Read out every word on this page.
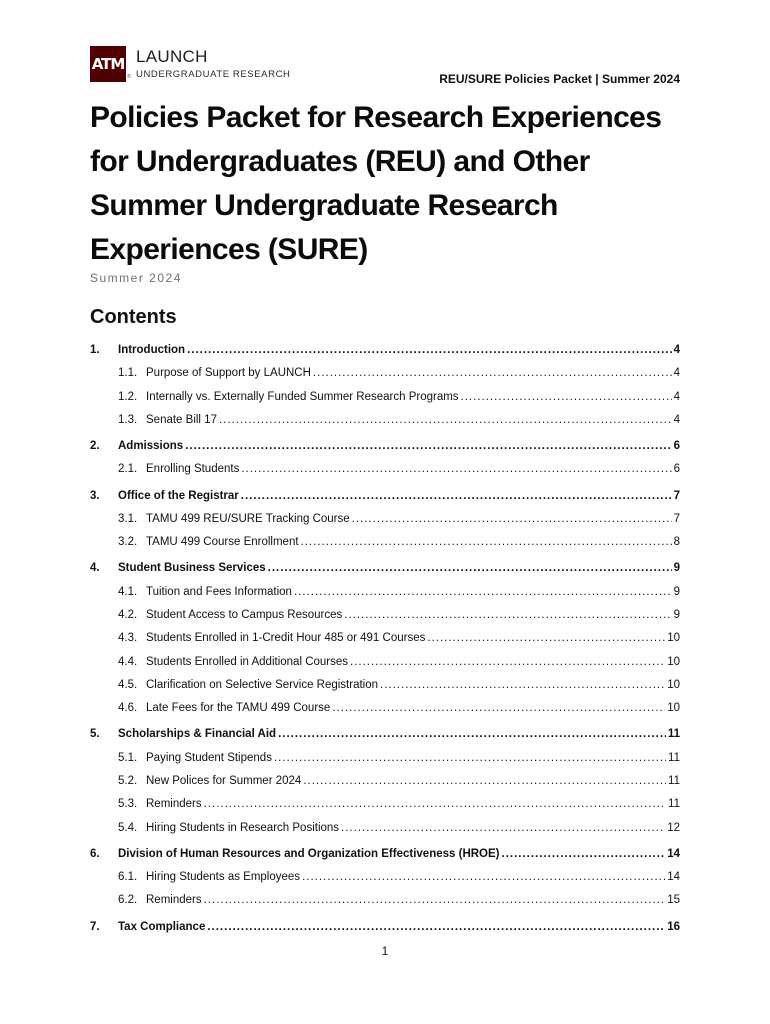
ATM
®
LAUNCH
UNDERGRADUATE RESEARCH	REU/SURE Policies Packet | Summer 2024
Policies Packet for Research Experiences for Undergraduates (REU) and Other Summer Undergraduate Research Experiences (SURE)
Summer 2024
Contents
1. Introduction .....	4
1.1. Purpose of Support by LAUNCH .....	4
1.2. Internally vs. Externally Funded Summer Research Programs .....	4
1.3. Senate Bill 17 .....	4
2. Admissions .....	6
2.1. Enrolling Students .....	6
3. Office of the Registrar .....	7
3.1. TAMU 499 REU/SURE Tracking Course .....	7
3.2. TAMU 499 Course Enrollment .....	8
4. Student Business Services .....	9
4.1. Tuition and Fees Information .....	9
4.2. Student Access to Campus Resources .....	9
4.3. Students Enrolled in 1-Credit Hour 485 or 491 Courses .....	10
4.4. Students Enrolled in Additional Courses .....	10
4.5. Clarification on Selective Service Registration .....	10
4.6. Late Fees for the TAMU 499 Course .....	10
5. Scholarships & Financial Aid .....	11
5.1. Paying Student Stipends .....	11
5.2. New Polices for Summer 2024 .....	11
5.3. Reminders .....	11
5.4. Hiring Students in Research Positions .....	12
6. Division of Human Resources and Organization Effectiveness (HROE) .....	14
6.1. Hiring Students as Employees .....	14
6.2. Reminders .....	15
7. Tax Compliance .....	16
1
